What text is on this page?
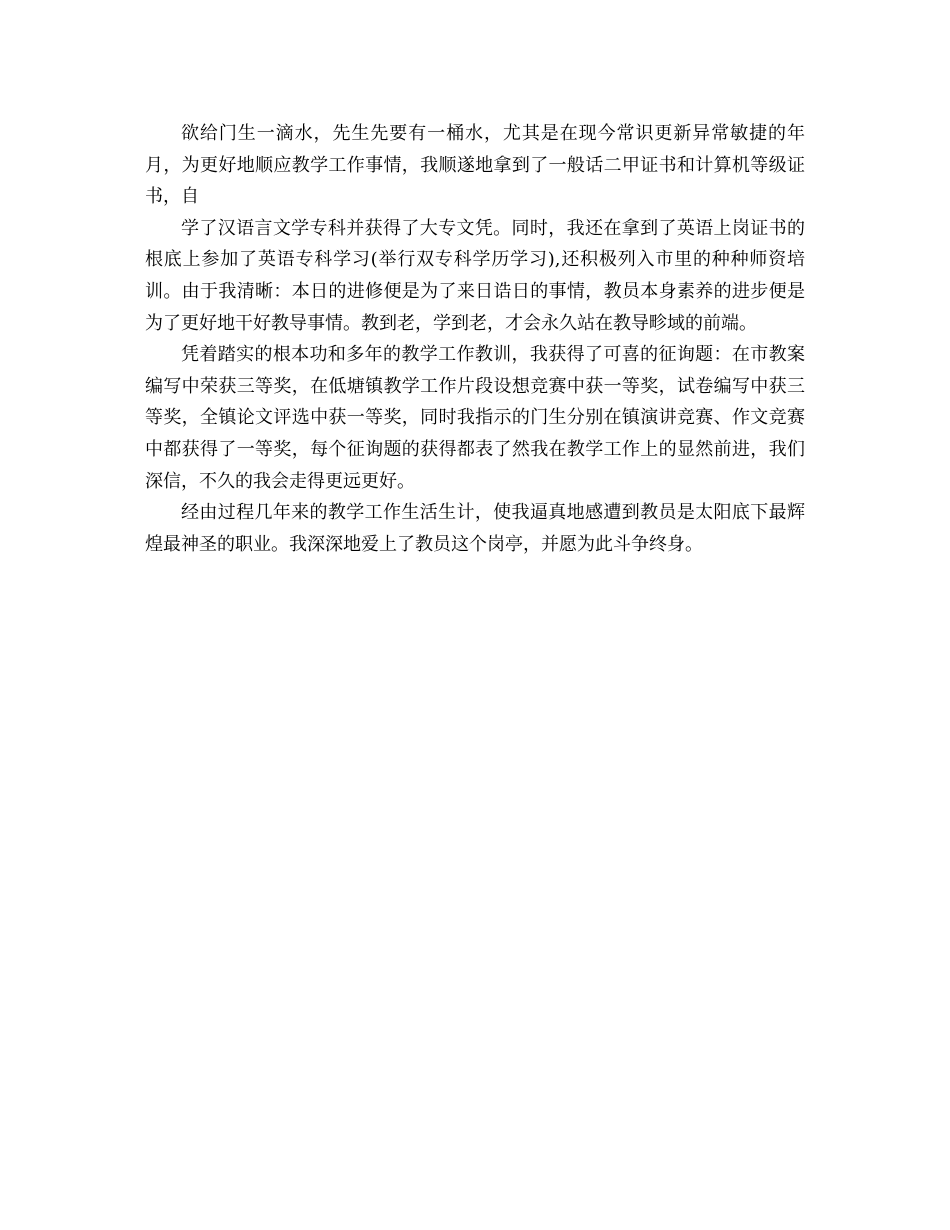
欲给门生一滴水，先生先要有一桶水，尤其是在现今常识更新异常敏捷的年月，为更好地顺应教学工作事情，我顺遂地拿到了一般话二甲证书和计算机等级证书，自

学了汉语言文学专科并获得了大专文凭。同时，我还在拿到了英语上岗证书的根底上参加了英语专科学习(举行双专科学历学习),还积极列入市里的种种师资培训。由于我清晰：本日的进修便是为了来日诰日的事情，教员本身素养的进步便是为了更好地干好教导事情。教到老，学到老，才会永久站在教导畛域的前端。

凭着踏实的根本功和多年的教学工作教训，我获得了可喜的征询题：在市教案编写中荣获三等奖，在低塘镇教学工作片段设想竞赛中获一等奖，试卷编写中获三等奖，全镇论文评选中获一等奖，同时我指示的门生分别在镇演讲竞赛、作文竞赛中都获得了一等奖，每个征询题的获得都表了然我在教学工作上的显然前进，我们深信，不久的我会走得更远更好。

经由过程几年来的教学工作生活生计，使我逼真地感遭到教员是太阳底下最辉煌最神圣的职业。我深深地爱上了教员这个岗亭，并愿为此斗争终身。
